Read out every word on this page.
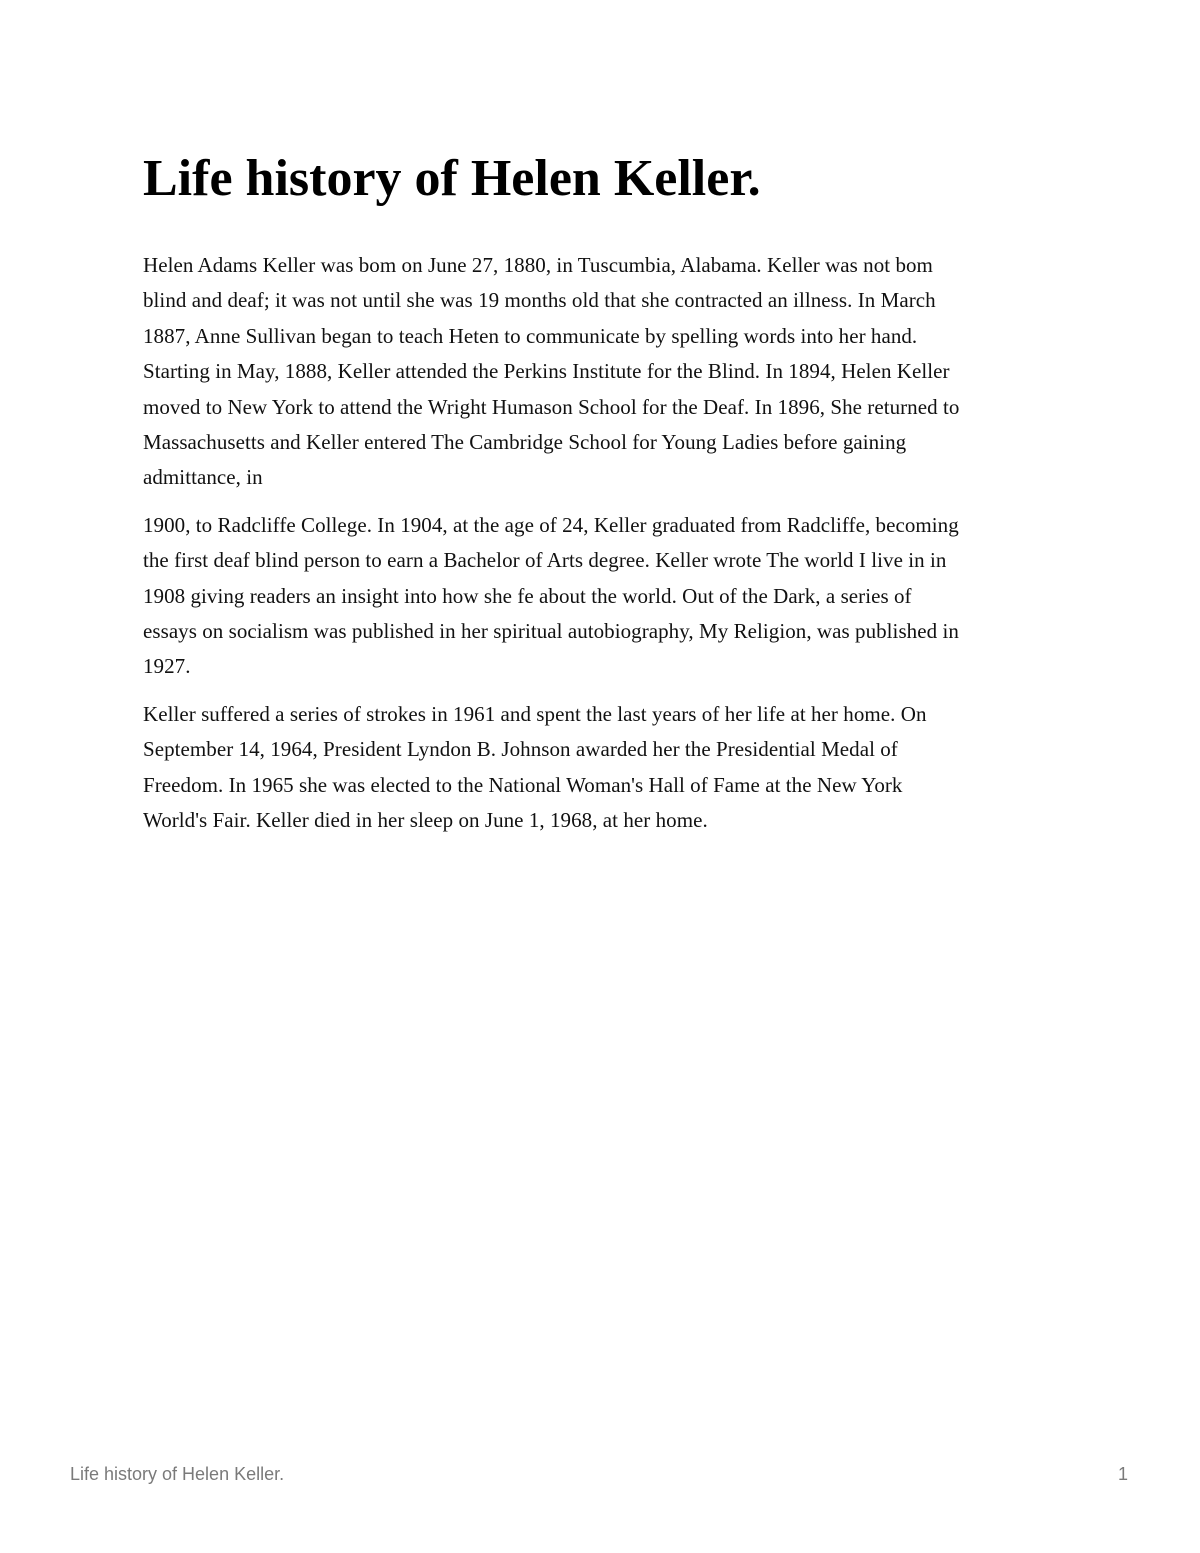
Life history of Helen Keller.

Helen Adams Keller was bom on June 27, 1880, in Tuscumbia, Alabama. Keller was not bom
blind and deaf; it was not until she was 19 months old that she contracted an illness. In March
1887, Anne Sullivan began to teach Heten to communicate by spelling words into her hand.
Starting in May, 1888, Keller attended the Perkins Institute for the Blind. In 1894, Helen Keller
moved to New York to attend the Wright Humason School for the Deaf. In 1896, She returned to
Massachusetts and Keller entered The Cambridge School for Young Ladies before gaining
admittance, in

1900, to Radcliffe College. In 1904, at the age of 24, Keller graduated from Radcliffe, becoming
the first deaf blind person to earn a Bachelor of Arts degree. Keller wrote The world I live in in
1908 giving readers an insight into how she fe about the world. Out of the Dark, a series of
essays on socialism was published in her spiritual autobiography, My Religion, was published in
1927.

Keller suffered a series of strokes in 1961 and spent the last years of her life at her home. On
September 14, 1964, President Lyndon B. Johnson awarded her the Presidential Medal of
Freedom. In 1965 she was elected to the National Woman's Hall of Fame at the New York
World's Fair. Keller died in her sleep on June 1, 1968, at her home.

Life history of Helen Keller.	1
